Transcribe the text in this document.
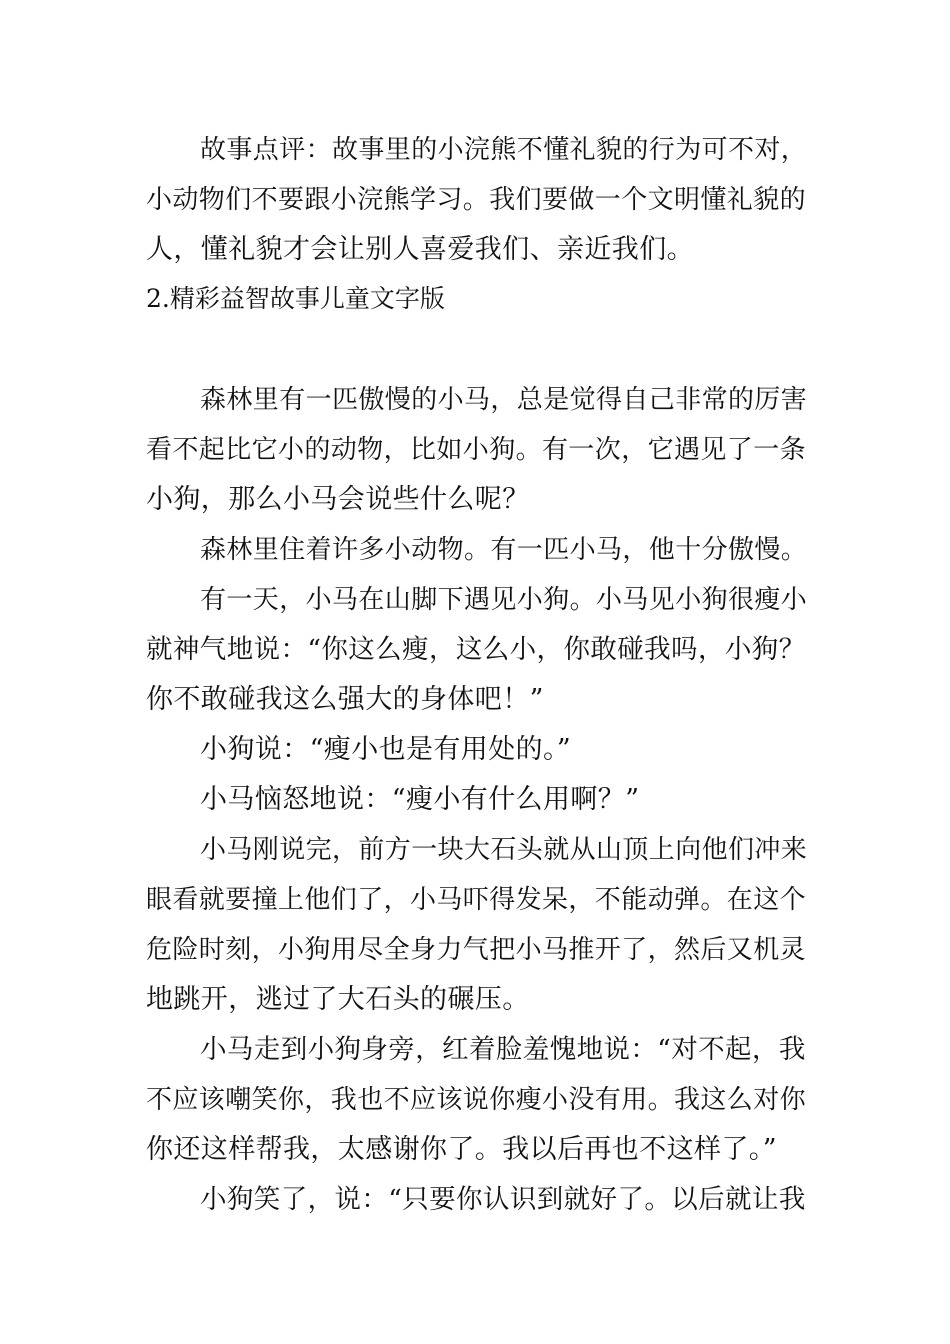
故事点评：故事里的小浣熊不懂礼貌的行为可不对，
小动物们不要跟小浣熊学习。我们要做一个文明懂礼貌的
人，懂礼貌才会让别人喜爱我们、亲近我们。
2.精彩益智故事儿童文字版
森林里有一匹傲慢的小马，总是觉得自己非常的厉害
看不起比它小的动物，比如小狗。有一次，它遇见了一条
小狗，那么小马会说些什么呢？
森林里住着许多小动物。有一匹小马，他十分傲慢。
有一天，小马在山脚下遇见小狗。小马见小狗很瘦小
就神气地说：“你这么瘦，这么小，你敢碰我吗，小狗？
你不敢碰我这么强大的身体吧！”
小狗说：“瘦小也是有用处的。”
小马恼怒地说：“瘦小有什么用啊？”
小马刚说完，前方一块大石头就从山顶上向他们冲来
眼看就要撞上他们了，小马吓得发呆，不能动弹。在这个
危险时刻，小狗用尽全身力气把小马推开了，然后又机灵
地跳开，逃过了大石头的碾压。
小马走到小狗身旁，红着脸羞愧地说：“对不起，我
不应该嘲笑你，我也不应该说你瘦小没有用。我这么对你
你还这样帮我，太感谢你了。我以后再也不这样了。”
小狗笑了，说：“只要你认识到就好了。以后就让我
